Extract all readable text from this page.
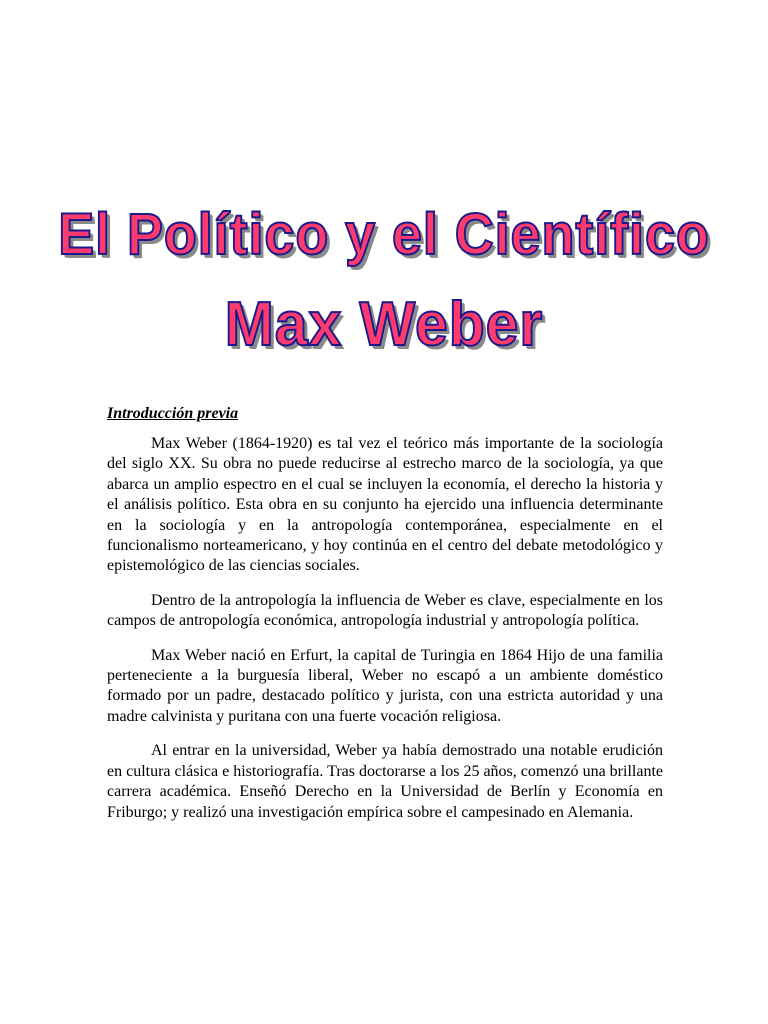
El Político y el Científico
Max Weber

Introducción previa

Max Weber (1864-1920) es tal vez el teórico más importante de la sociología del siglo XX. Su obra no puede reducirse al estrecho marco de la sociología, ya que abarca un amplio espectro en el cual se incluyen la economía, el derecho la historia y el análisis político. Esta obra en su conjunto ha ejercido una influencia determinante en la sociología y en la antropología contemporánea, especialmente en el funcionalismo norteamericano, y hoy continúa en el centro del debate metodológico y epistemológico de las ciencias sociales.

Dentro de la antropología la influencia de Weber es clave, especialmente en los campos de antropología económica, antropología industrial y antropología política.

Max Weber nació en Erfurt, la capital de Turingia en 1864 Hijo de una familia perteneciente a la burguesía liberal, Weber no escapó a un ambiente doméstico formado por un padre, destacado político y jurista, con una estricta autoridad y una madre calvinista y puritana con una fuerte vocación religiosa.

Al entrar en la universidad, Weber ya había demostrado una notable erudición en cultura clásica e historiografía. Tras doctorarse a los 25 años, comenzó una brillante carrera académica. Enseñó Derecho en la Universidad de Berlín y Economía en Friburgo; y realizó una investigación empírica sobre el campesinado en Alemania.
